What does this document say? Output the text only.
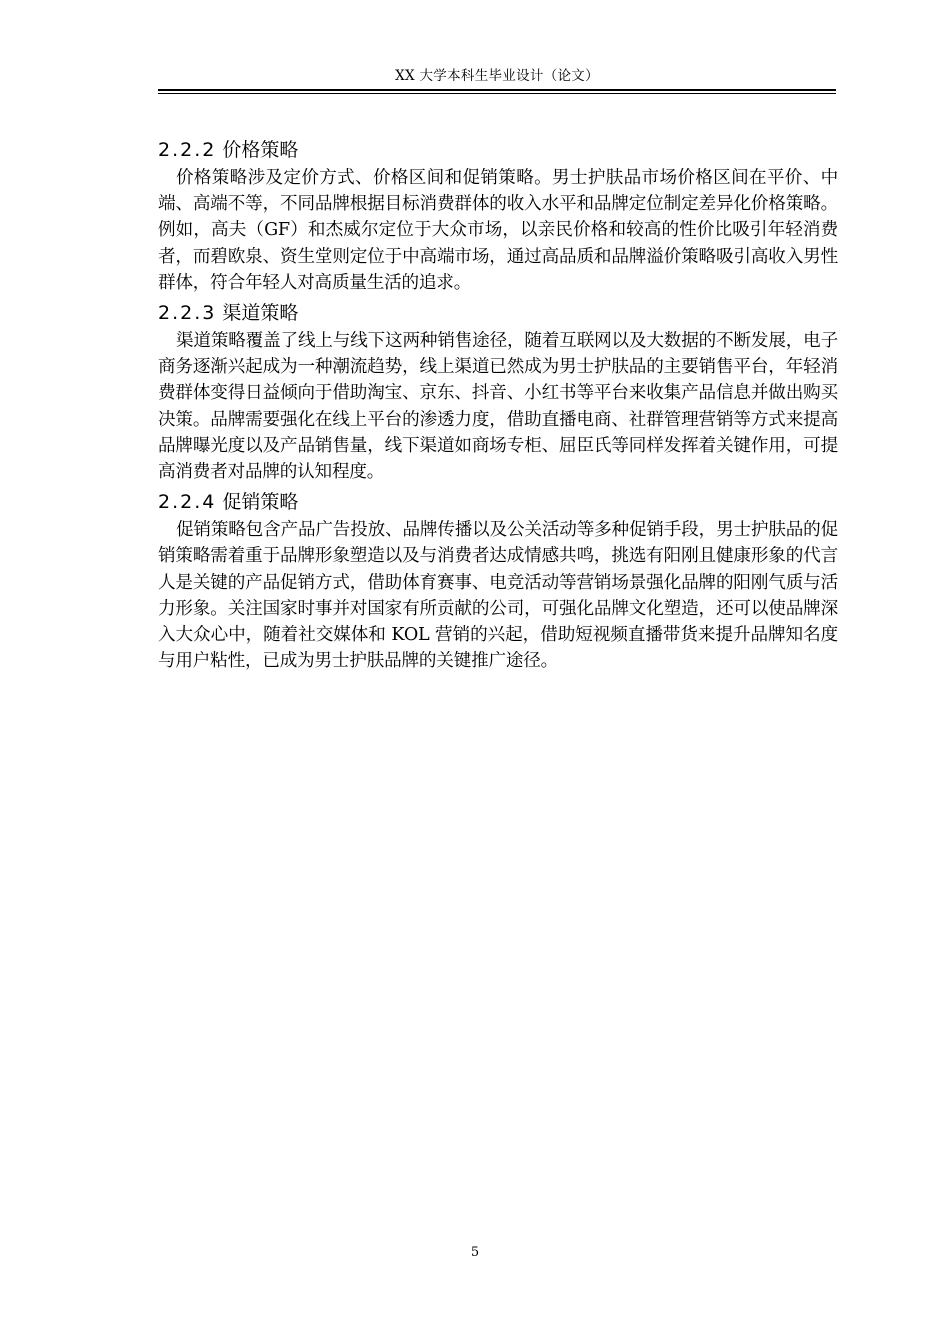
XX 大学本科生毕业设计（论文）
2.2.2 价格策略

价格策略涉及定价方式、价格区间和促销策略。男士护肤品市场价格区间在平价、中端、高端不等，不同品牌根据目标消费群体的收入水平和品牌定位制定差异化价格策略。例如，高夫（GF）和杰威尔定位于大众市场，以亲民价格和较高的性价比吸引年轻消费者，而碧欧泉、资生堂则定位于中高端市场，通过高品质和品牌溢价策略吸引高收入男性群体，符合年轻人对高质量生活的追求。

2.2.3 渠道策略

渠道策略覆盖了线上与线下这两种销售途径，随着互联网以及大数据的不断发展，电子商务逐渐兴起成为一种潮流趋势，线上渠道已然成为男士护肤品的主要销售平台，年轻消费群体变得日益倾向于借助淘宝、京东、抖音、小红书等平台来收集产品信息并做出购买决策。品牌需要强化在线上平台的渗透力度，借助直播电商、社群管理营销等方式来提高品牌曝光度以及产品销售量，线下渠道如商场专柜、屈臣氏等同样发挥着关键作用，可提高消费者对品牌的认知程度。

2.2.4 促销策略

促销策略包含产品广告投放、品牌传播以及公关活动等多种促销手段，男士护肤品的促销策略需着重于品牌形象塑造以及与消费者达成情感共鸣，挑选有阳刚且健康形象的代言人是关键的产品促销方式，借助体育赛事、电竞活动等营销场景强化品牌的阳刚气质与活力形象。关注国家时事并对国家有所贡献的公司，可强化品牌文化塑造，还可以使品牌深入大众心中，随着社交媒体和 KOL 营销的兴起，借助短视频直播带货来提升品牌知名度与用户粘性，已成为男士护肤品牌的关键推广途径。

5
